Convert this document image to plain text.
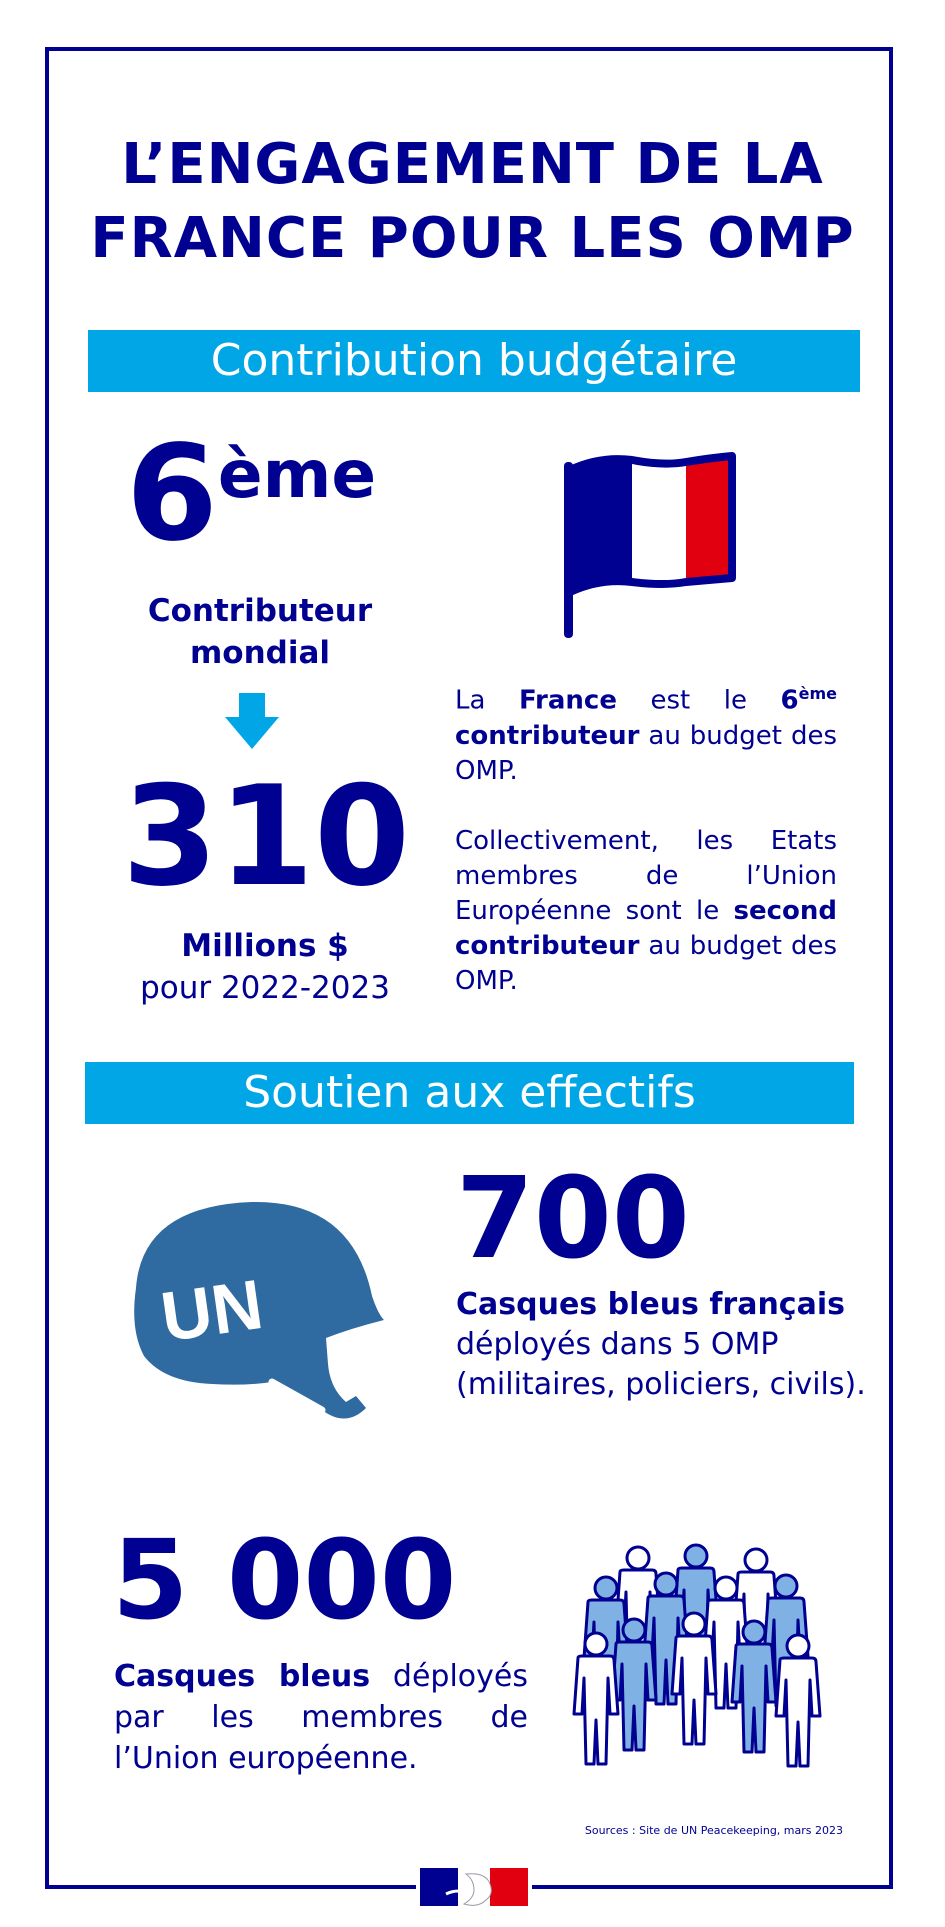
L’ENGAGEMENT DE LA
FRANCE POUR LES OMP
Contribution budgétaire
6ème
Contributeur
mondial
310
Millions $
pour 2022-2023

La France est le 6ème contributeur au budget des OMP.

Collectivement, les Etats membres de l’Union Européenne sont le second contributeur au budget des OMP.

Soutien aux effectifs
UN
700

Casques bleus français
déployés dans 5 OMP (militaires, policiers, civils).

5 000

Casques bleus déployés par les membres de l’Union européenne.

Sources : Site de UN Peacekeeping, mars 2023
